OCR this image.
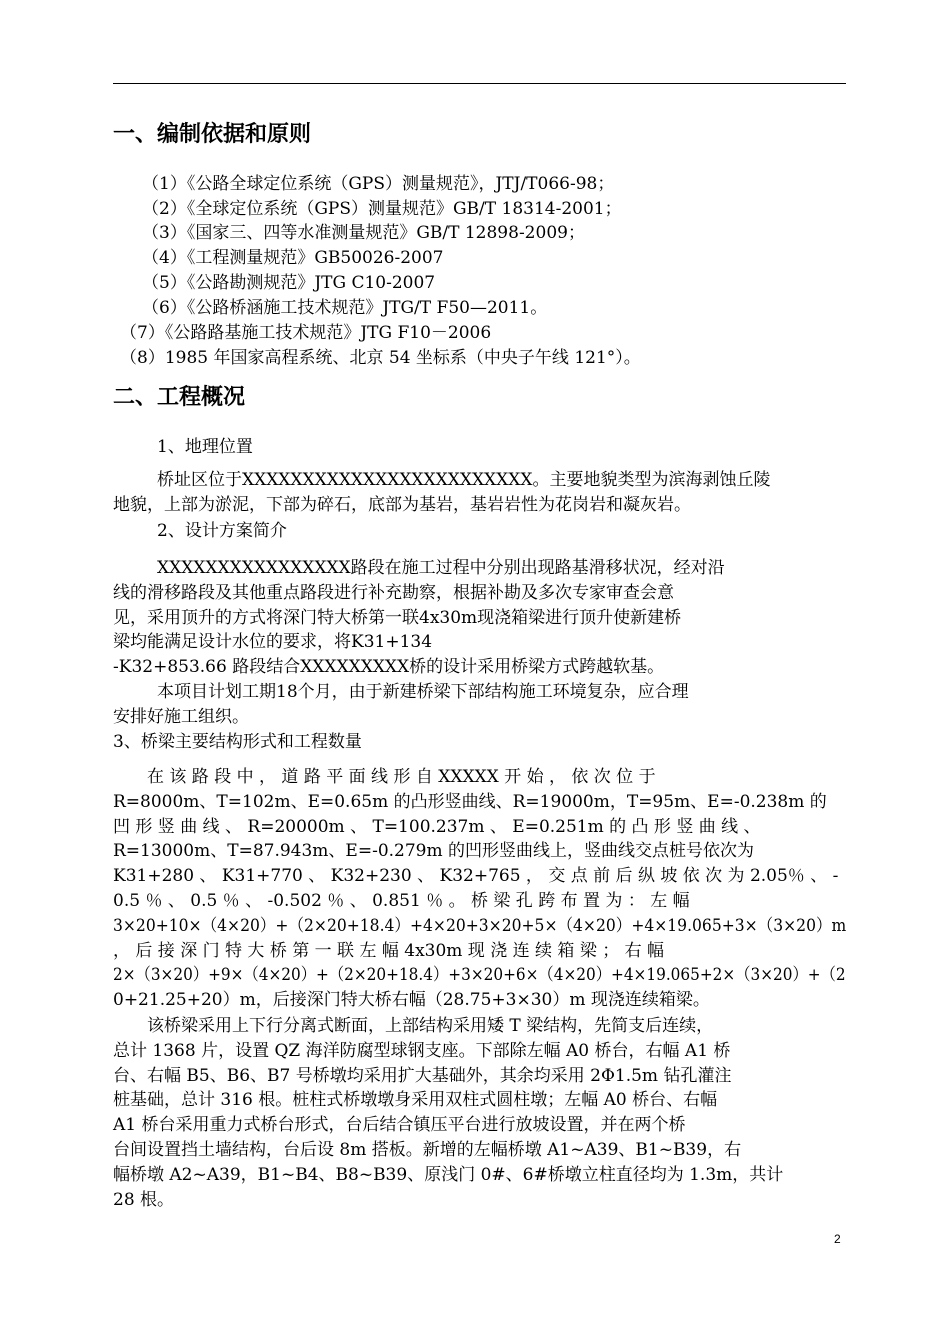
一、编制依据和原则
（1）《公路全球定位系统（GPS）测量规范》，JTJ/T066-98；
（2）《全球定位系统（GPS）测量规范》GB/T 18314-2001；
（3）《国家三、四等水准测量规范》GB/T 12898-2009；
（4）《工程测量规范》GB50026-2007
（5）《公路勘测规范》JTG C10-2007
（6）《公路桥涵施工技术规范》JTG/T F50—2011。
（7）《公路路基施工技术规范》JTG F10－2006
（8）1985 年国家高程系统、北京 54 坐标系（中央子午线 121°）。
二、工程概况
1、地理位置
桥址区位于XXXXXXXXXXXXXXXXXXXXXXXX。主要地貌类型为滨海剥蚀丘陵
地貌，上部为淤泥，下部为碎石，底部为基岩，基岩岩性为花岗岩和凝灰岩。
2、设计方案简介
XXXXXXXXXXXXXXXX路段在施工过程中分别出现路基滑移状况，经对沿
线的滑移路段及其他重点路段进行补充勘察，根据补勘及多次专家审查会意
见，采用顶升的方式将深门特大桥第一联4x30m现浇箱梁进行顶升使新建桥
梁均能满足设计水位的要求，将K31+134
-K32+853.66 路段结合XXXXXXXXX桥的设计采用桥梁方式跨越软基。
本项目计划工期18个月，由于新建桥梁下部结构施工环境复杂，应合理
安排好施工组织。
3、桥梁主要结构形式和工程数量
在 该 路 段 中 ， 道 路 平 面 线 形 自 XXXXX 开 始 ， 依 次 位 于
R=8000m、T=102m、E=0.65m 的凸形竖曲线、R=19000m，T=95m、E=-0.238m 的
凹 形 竖 曲 线 、 R=20000m 、 T=100.237m 、 E=0.251m 的 凸 形 竖 曲 线 、
R=13000m、T=87.943m、E=-0.279m 的凹形竖曲线上，竖曲线交点桩号依次为
K31+280 、 K31+770 、 K32+230 、 K32+765 ， 交 点 前 后 纵 坡 依 次 为 2.05％ 、 -
0.5 ％ 、 0.5 ％ 、 -0.502 ％ 、 0.851 ％ 。 桥 梁 孔 跨 布 置 为 ： 左 幅
3×20+10×（4×20）+（2×20+18.4）+4×20+3×20+5×（4×20）+4×19.065+3×（3×20）m
， 后 接 深 门 特 大 桥 第 一 联 左 幅 4x30m 现 浇 连 续 箱 梁 ； 右 幅
2×（3×20）+9×（4×20）+（2×20+18.4）+3×20+6×（4×20）+4×19.065+2×（3×20）+（2
0+21.25+20）m，后接深门特大桥右幅（28.75+3×30）m 现浇连续箱梁。
该桥梁采用上下行分离式断面，上部结构采用矮 T 梁结构，先简支后连续，
总计 1368 片，设置 QZ 海洋防腐型球钢支座。下部除左幅 A0 桥台，右幅 A1 桥
台、右幅 B5、B6、B7 号桥墩均采用扩大基础外，其余均采用 2Φ1.5m 钻孔灌注
桩基础，总计 316 根。桩柱式桥墩墩身采用双柱式圆柱墩；左幅 A0 桥台、右幅
A1 桥台采用重力式桥台形式，台后结合镇压平台进行放坡设置，并在两个桥
台间设置挡土墙结构，台后设 8m 搭板。新增的左幅桥墩 A1~A39、B1~B39，右
幅桥墩 A2~A39，B1~B4、B8~B39、原浅门 0#、6#桥墩立柱直径均为 1.3m，共计
28 根。
2
